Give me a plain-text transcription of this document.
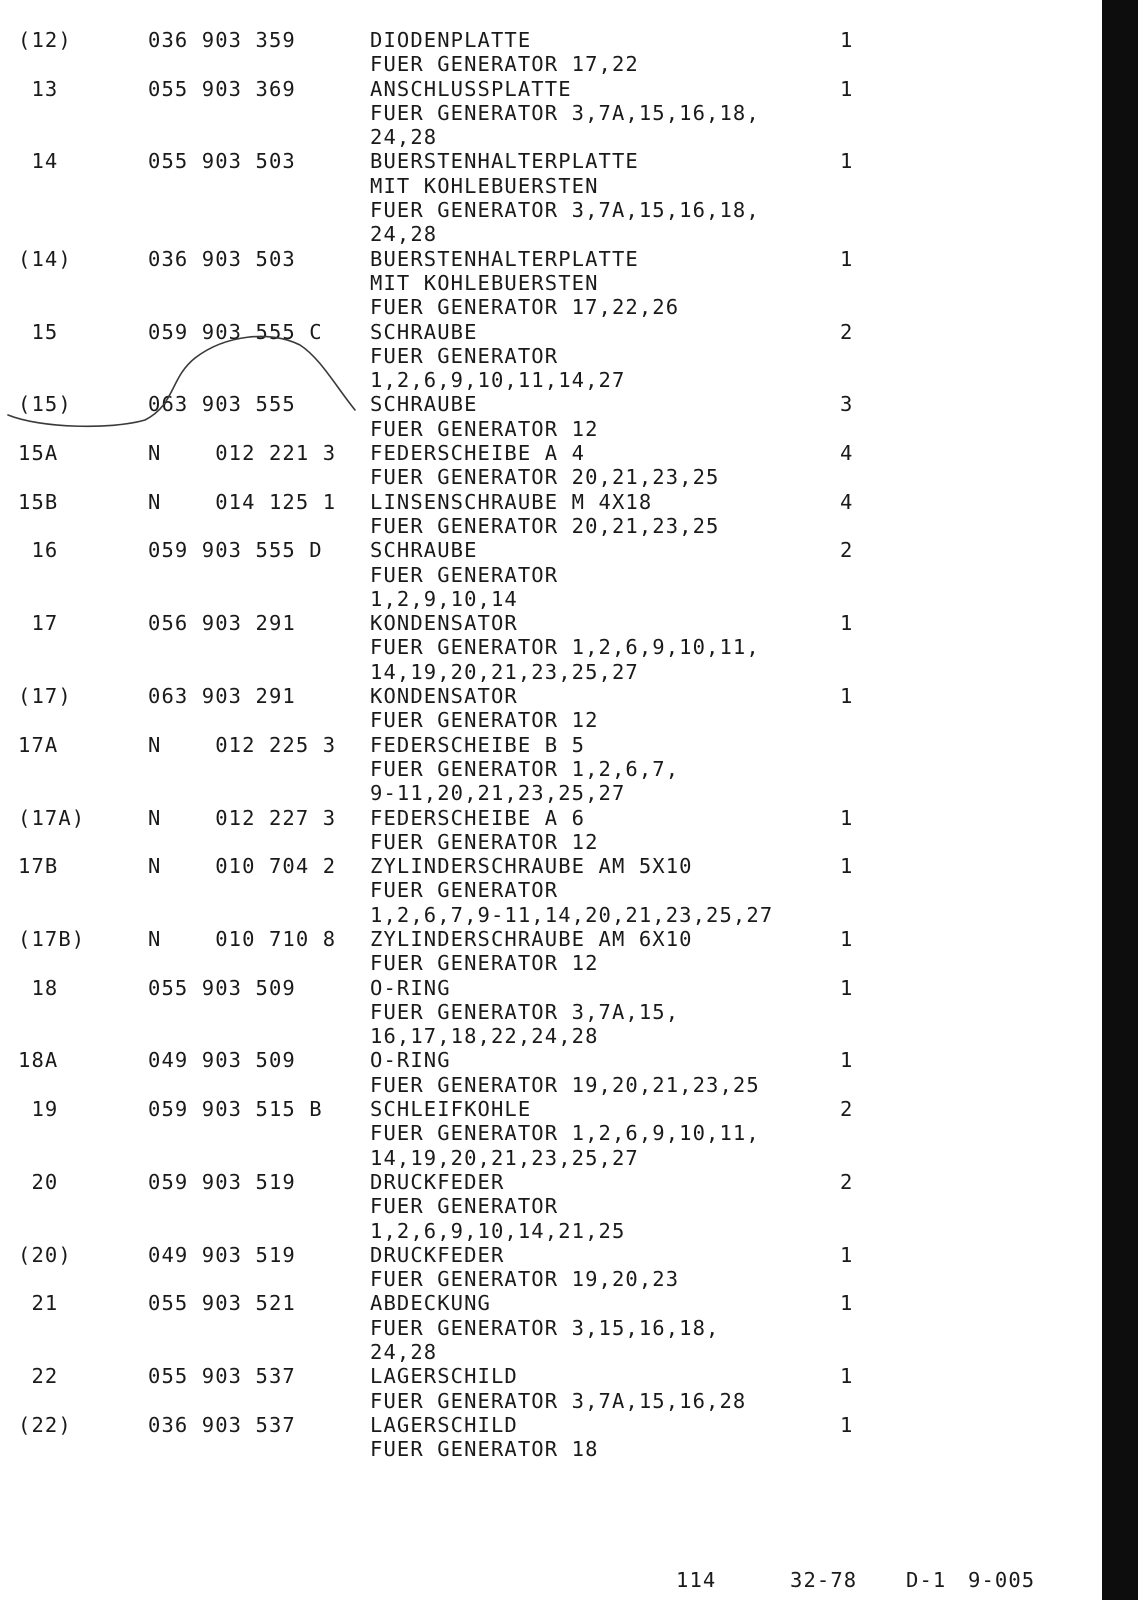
(12)	036 903 359	1
DIODENPLATTE
FUER GENERATOR 17,22
13	055 903 369	1
ANSCHLUSSPLATTE
FUER GENERATOR 3,7A,15,16,18,
24,28
14	055 903 503	1
BUERSTENHALTERPLATTE
MIT KOHLEBUERSTEN
FUER GENERATOR 3,7A,15,16,18,
24,28
(14)	036 903 503	1
BUERSTENHALTERPLATTE
MIT KOHLEBUERSTEN
FUER GENERATOR 17,22,26
15	059 903 555 C	2
SCHRAUBE
FUER GENERATOR
1,2,6,9,10,11,14,27
(15)	063 903 555	3
SCHRAUBE
FUER GENERATOR 12
15A	N    012 221 3	4
FEDERSCHEIBE A 4
FUER GENERATOR 20,21,23,25
15B	N    014 125 1	4
LINSENSCHRAUBE M 4X18
FUER GENERATOR 20,21,23,25
16	059 903 555 D	2
SCHRAUBE
FUER GENERATOR
1,2,9,10,14
17	056 903 291	1
KONDENSATOR
FUER GENERATOR 1,2,6,9,10,11,
14,19,20,21,23,25,27
(17)	063 903 291	1
KONDENSATOR
FUER GENERATOR 12
17A	N    012 225 3 FEDERSCHEIBE B 5
FUER GENERATOR 1,2,6,7,
9-11,20,21,23,25,27
(17A)	N    012 227 3	1
FEDERSCHEIBE A 6
FUER GENERATOR 12
17B	N    010 704 2	1
ZYLINDERSCHRAUBE AM 5X10
FUER GENERATOR
1,2,6,7,9-11,14,20,21,23,25,27
(17B)	N    010 710 8	1
ZYLINDERSCHRAUBE AM 6X10
FUER GENERATOR 12
18	055 903 509	1
O-RING
FUER GENERATOR 3,7A,15,
16,17,18,22,24,28
18A	049 903 509	1
O-RING
FUER GENERATOR 19,20,21,23,25
19	059 903 515 B	2
SCHLEIFKOHLE
FUER GENERATOR 1,2,6,9,10,11,
14,19,20,21,23,25,27
20	059 903 519	2
DRUCKFEDER
FUER GENERATOR
1,2,6,9,10,14,21,25
(20)	049 903 519	1
DRUCKFEDER
FUER GENERATOR 19,20,23
21	055 903 521	1
ABDECKUNG
FUER GENERATOR 3,15,16,18,
24,28
22	055 903 537	1
LAGERSCHILD
FUER GENERATOR 3,7A,15,16,28
(22)	036 903 537	1
LAGERSCHILD
FUER GENERATOR 18
114	32-78 D-1 9-005
